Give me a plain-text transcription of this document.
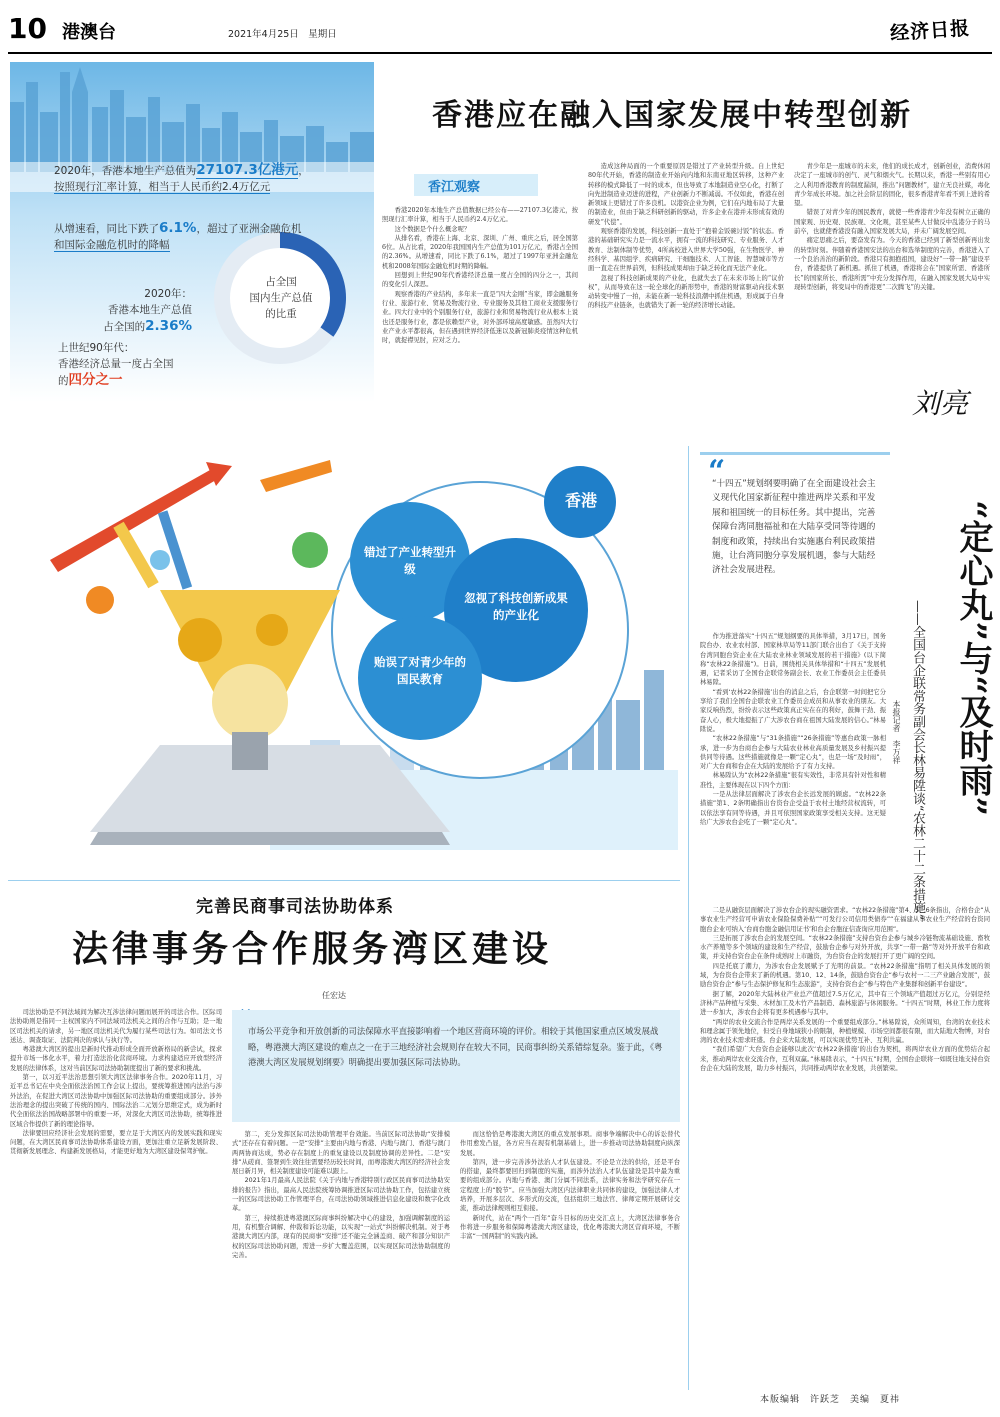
10 港澳台	2021年4月25日　星期日	经济日报
2020年，香港本地生产总值为27107.3亿港元，
按照现行汇率计算，相当于人民币约2.4万亿元
从增速看，同比下跌了6.1%，超过了亚洲金融危机
和国际金融危机时的降幅
2020年：
香港本地生产总值
占全国的2.36%
占全国
国内生产总值
的比重
上世纪90年代：
香港经济总量一度占全国
的四分之一
香港应在融入国家发展中转型创新
香江观察

香港2020年本地生产总值数据已经公布——27107.3亿港元，按照现行汇率计算，相当于人民币约2.4万亿元。

这个数据是个什么概念呢？

从排名看，香港在上海、北京、深圳、广州、重庆之后，居全国第6位。从占比看，2020年我国国内生产总值为101万亿元，香港占全国的2.36%。从增速看，同比下跌了6.1%，超过了1997年亚洲金融危机和2008年国际金融危机时期的降幅。

回想到上世纪90年代香港经济总量一度占全国的四分之一，其间的变化引人深思。

观察香港的产业结构，多年来一直是“四大金刚”当家，即金融服务行业、旅游行业、贸易及物流行业、专业服务及其他工商业支援服务行业。四大行业中的个别服务行业，旅游行业和贸易物流行业从根本上说也还是服务行业，都是依赖型产业，对外部环境高度敏感。虽然四大行业产业水平都很高，但在遇到世界经济低迷以及新冠肺炎疫情这种危机时，就捉襟见肘，应对乏力。

造成这种局面的一个重要原因是错过了产业转型升级。自上世纪80年代开始，香港的制造业开始向内地和东南亚地区转移，这种产业转移的模式降低了一时的成本，但也导致了本地制造业空心化，打断了向先进制造业迈进的进程，产业创新力不断减弱。不仅如此，香港在创新领域上更错过了许多良机。以港资企业为例，它们在内地布局了大量的制造业，但由于缺乏科研创新的驱动，许多企业在港并未形成有效的研发“代偿”。

观察香港的发展，科技创新一直处于“抱着金饭碗讨饭”的状态。香港的基础研究实力是一流水平，拥有一流的科技研究、专业服务、人才教育、法制体制等优势，4所高校进入世界大学50强，在生物医学、神经科学、基因组学、疾病研究、干细胞技术、人工智能、智慧城市等方面一直走在世界前列，但科技成果却由于缺乏转化而无法产业化。

忽视了科技创新成果的产业化，也就失去了在未来市场上的“议价权”，从而导致在这一轮全球化的新形势中，香港的财富驱动向技术驱动转变中慢了一拍，未能在新一轮科技浪潮中抓住机遇，形成属于自身的科技产业链条，也就错失了新一轮的经济增长动能。

青少年是一座城市的未来，他们的成长成才，创新创业，消费休闲决定了一座城市的创气、灵气和烟火气。长期以来，香港一些别有用心之人利用香港教育的制度漏洞，推出“问题教材”，建立无良社媒，毒化青少年成长环境。加之社会阶层的固化，很多香港青年看不到上进的希望。

错误了对青少年的国民教育，就使一些香港青少年没有树立正确的国家观、历史观、民族观、文化观，甚至某些人甘做反中乱港分子的马前卒，也就使香港没有融入国家发展大局，并未广阔发展空间。

痛定思痛之后，要奋发有为。今天的香港已经到了新型创新再出发的转型时刻。伴随着香港国安法的出台和选举制度的完善，香港进入了一个良治善治的新阶段。香港只有拥抱祖国，建设好“一带一路”建设平台，香港提供了新机遇。抓住了机遇，香港将会在“国家所需、香港所长”的国家所长、香港所需”中充分发挥作用，在融入国家发展大局中实现转型创新，将变局中的香港更“二次腾飞”的关键。

刘亮
香港
错过了产业转型升级
忽视了科技创新成果的产业化
贻误了对青少年的国民教育
“
“十四五”规划纲要明确了在全面建设社会主义现代化国家新征程中推进两岸关系和平发展和祖国统一的目标任务。其中提出，完善保障台湾同胞福祉和在大陆享受同等待遇的制度和政策，持续出台实施惠台利民政策措施，让台湾同胞分享发展机遇，参与大陆经济社会发展进程。	“定心丸”与“及时雨”
——全国台企联常务副会长林易陞谈“农林二十二条措施”
本报记者　李万祥

作为推进落实“十四五”规划纲要的具体举措，3月17日，国务院台办、农业农村部、国家林草局等11部门联合出台了《关于支持台湾同胞台资企业在大陆农业林业领域发展的若干措施》(以下简称“农林22条措施”)。日前，围绕相关具体举措和“十四五”发展机遇，记者采访了全国台企联常务副会长、农业工作委员会主任委员林易陞。

“看到‘农林22条措施’出台的消息之后，台企联第一时间把它分享给了我们全国台企联农业工作委员会成员和从事农业的朋友。大家反响热烈，纷纷表示这些政策真正实在在的利好，鼓舞干劲、振奋人心，极大地提振了广大涉农台商在祖国大陆发展的信心。”林易陞说。

“农林22条措施”与“31条措施”“26条措施”等惠台政策一脉相承，进一步为台商台企参与大陆农业林业高质量发展及乡村振兴提供同等待遇。这些措施就像是一颗“定心丸”，也是一场“及时雨”，对广大台商和台企在大陆的发展给予了有力支持。

林易陞认为“农林22条措施”很有实效性，非常具有针对性和精准性，主要体现在以下四个方面：

一是从法律层面解决了涉农台企长远发展的顾虑。“农林22条措施”第1、2条明确指出台资台企受益于农村土地经营权流转，可以依法享有同等待遇，并且可依照国家政策享受相关支持。这无疑给广大涉农台企吃了一颗“定心丸”。

二是从融资层面解决了涉农台企的现实融资需求。“农林22条措施”第4、5、6条指出，合格台企“从事农业生产经营可申请农业保险保费补贴”“可发行公司信用类债券”“在福建从事农业生产经营的台资同胞台企业可纳入‘台商台胞金融信用证书’和台企台胞征信查询应用范围”。

三是拓展了涉农台企的发展空间。“农林22条措施”支持台资台企参与城乡冷链物流基础设施、畜牧水产养殖等多个领域的建设和生产经营，鼓励台企参与对外开放，共享“一带一路”等对外开放平台和政策，并支持台资台企在条件成熟时上市融资，为台资台企的发展打开了更广阔的空间。

四是托底了潮力，为涉农台企发展赋予了光明的前景。“农林22条措施”指明了相关具体发展的领域，为台资台企带来了新的机遇。第10、12、14条，鼓励台资台企“参与农村一二三产业融合发展”，鼓励台资台企“参与生态保护修复和生态旅游”，支持台资台企“参与特色产业集群和创新平台建设”。

据了解，2020年大陆林业产业总产值超过7.5万亿元，其中有三个领域产值超过万亿元，分别是经济林产品种植与采集、木材加工及木竹产品制造、森林旅游与休闲服务。“十四五”时期，林业工作力度将进一步加大，涉农台企将有更多机遇参与其中。

“两岸的农业交流合作是两岸关系发展的一个重要组成部分。”林易陞说，众所周知，台湾的农业技术和理念属于领先地位，但受自身地域狭小的限制，种植规模、市场空间都很有限，而大陆地大物博，对台湾的农业技术需求旺盛。台企来大陆发展，可以实现优势互补、互利共赢。

“我们希望广大台资台企能够以此次‘农林22条措施’的出台为契机，将两岸农业方面的优势结合起来，推动两岸农业交流合作，互利双赢。”林易陞表示，“十四五”时期，全国台企联将一如既往地支持台资台企在大陆的发展，助力乡村振兴，共同推动两岸农业发展，共创繁荣。

完善民商事司法协助体系
法律事务合作服务湾区建设
任宏达
市场公平竞争和开放创新的司法保障水平直接影响着一个地区营商环境的评价。相较于其他国家重点区域发展战略，粤港澳大湾区建设的难点之一在于三地经济社会规则存在较大不同，民商事纠纷关系错综复杂。鉴于此，《粤港澳大湾区发展规划纲要》明确提出要加强区际司法协助。

司法协助是不同法域间为解决互涉法律问题而展开的司法合作。区际司法协助则是指同一主权国家内不同法域司法机关之间的合作与互助；是一地区司法机关的请求，另一地区司法机关代为履行某些司法行为。如司法文书送达、调查取证、法院判决的承认与执行等。

粤港澳大湾区的提出是新时代推动形成全面开放新格局的新尝试，探求提升市场一体化水平，着力打造法治化营商环境。力求构建适应开放型经济发展的法律体系，这对当前区际司法协助制度提出了新的要求和挑战。

第一，以习近平法治思想引领大湾区法律事务合作。2020年11月，习近平总书记在中央全面依法治国工作会议上提出，要统筹推进国内法治与涉外法治，在促进大湾区司法协助中加强区际司法协助的重要组成部分。涉外法治理念的提出突破了传统的国内、国际法治二元划分思维定式，成为新时代全面依法治国战略部署中的重要一环，对深化大湾区司法协助，统筹推进区域合作提供了新的理论指导。

法律要回应经济社会发展的需要，要立足于大湾区内的发展实践和现实问题，在大湾区民商事司法协助体系建设方面，更加注重立足新发展阶段、贯彻新发展理念、构建新发展格局，才能更好地为大湾区建设保驾护航。

第二，充分发挥区际司法协助管理平台效能。当前区际司法协助“安排模式”还存在有着问题。一是“安排”主要由内地与香港、内地与澳门、香港与澳门两两协商达成，势必存在制度上的重复建设以及制度协调的差异性。二是“安排”从磋商、签署到生效往往需要经历较长时间，而粤港澳大湾区的经济社会发展日新月异，相关制度建设可能难以跟上。

2021年1月最高人民法院《关于内地与香港特别行政区民商事司法协助安排的报告》指出，最高人民法院统筹协调推进区际司法协助工作，包括建立统一的区际司法协助工作管理平台，在司法协助领域推进信息化建设和数字化改革。

第三，持续推进粤港澳区际商事纠纷解决中心的建设，加强调解制度的运用，有机整合调解、仲裁和诉讼功能，以实现“一站式”纠纷解决机制。对于粤港澳大湾区内部，现有的民商事“安排”还不能完全涵盖商、破产和部分知识产权的区际司法协助问题，需进一步扩大覆盖范围，以实现区际司法协助制度的完善。

而这恰恰是粤港澳大湾区的重点发展事项。商事争端解决中心的诉讼替代作用愈发凸显，各方应当在现有机制基础上，进一步推动司法协助制度向纵深发展。

第四，进一步完善涉外法治人才队伍建设。不论是立法的供给，还是平台的搭建，最终都要回归到制度的实施，而涉外法治人才队伍建设是其中最为重要的组成部分。内地与香港、澳门分属不同法系，法律实务和法学研究存在一定程度上的“脱节”。应当加强大湾区内法律职业共同体的建设，加强法律人才培养，开展多层次、多形式的交流，包括组织三地法官、律师定期开展研讨交流，推动法律规则相互衔接。

新时代，站在“两个一百年”奋斗目标的历史交汇点上，大湾区法律事务合作将进一步服务和保障粤港澳大湾区建设，优化粤港澳大湾区营商环境，不断丰富“一国两制”的实践内涵。

本版编辑　许跃芝　美编　夏祎
